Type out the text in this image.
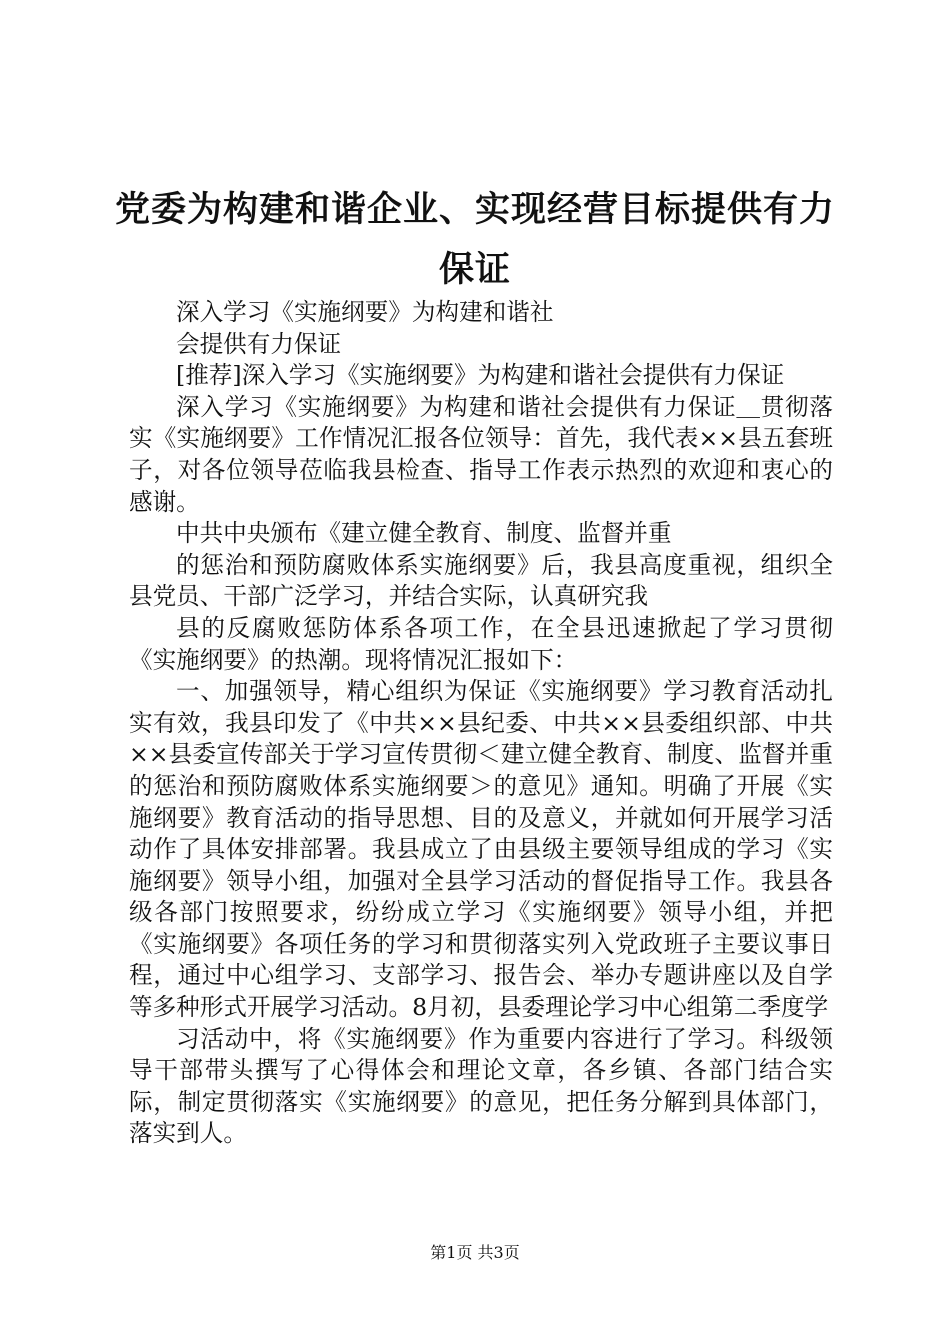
党委为构建和谐企业、实现经营目标提供有力保证

深入学习《实施纲要》为构建和谐社

会提供有力保证

[推荐]深入学习《实施纲要》为构建和谐社会提供有力保证

深入学习《实施纲要》为构建和谐社会提供有力保证＿贯彻落实《实施纲要》工作情况汇报各位领导：首先，我代表××县五套班子，对各位领导莅临我县检查、指导工作表示热烈的欢迎和衷心的感谢。

中共中央颁布《建立健全教育、制度、监督并重

的惩治和预防腐败体系实施纲要》后，我县高度重视，组织全县党员、干部广泛学习，并结合实际，认真研究我

县的反腐败惩防体系各项工作，在全县迅速掀起了学习贯彻《实施纲要》的热潮。现将情况汇报如下：

一、加强领导，精心组织为保证《实施纲要》学习教育活动扎实有效，我县印发了《中共××县纪委、中共××县委组织部、中共××县委宣传部关于学习宣传贯彻＜建立健全教育、制度、监督并重的惩治和预防腐败体系实施纲要＞的意见》通知。明确了开展《实施纲要》教育活动的指导思想、目的及意义，并就如何开展学习活动作了具体安排部署。我县成立了由县级主要领导组成的学习《实施纲要》领导小组，加强对全县学习活动的督促指导工作。我县各级各部门按照要求，纷纷成立学习《实施纲要》领导小组，并把《实施纲要》各项任务的学习和贯彻落实列入党政班子主要议事日程，通过中心组学习、支部学习、报告会、举办专题讲座以及自学等多种形式开展学习活动。8月初，县委理论学习中心组第二季度学

习活动中，将《实施纲要》作为重要内容进行了学习。科级领导干部带头撰写了心得体会和理论文章，各乡镇、各部门结合实际，制定贯彻落实《实施纲要》的意见，把任务分解到具体部门，落实到人。

第1页 共3页
